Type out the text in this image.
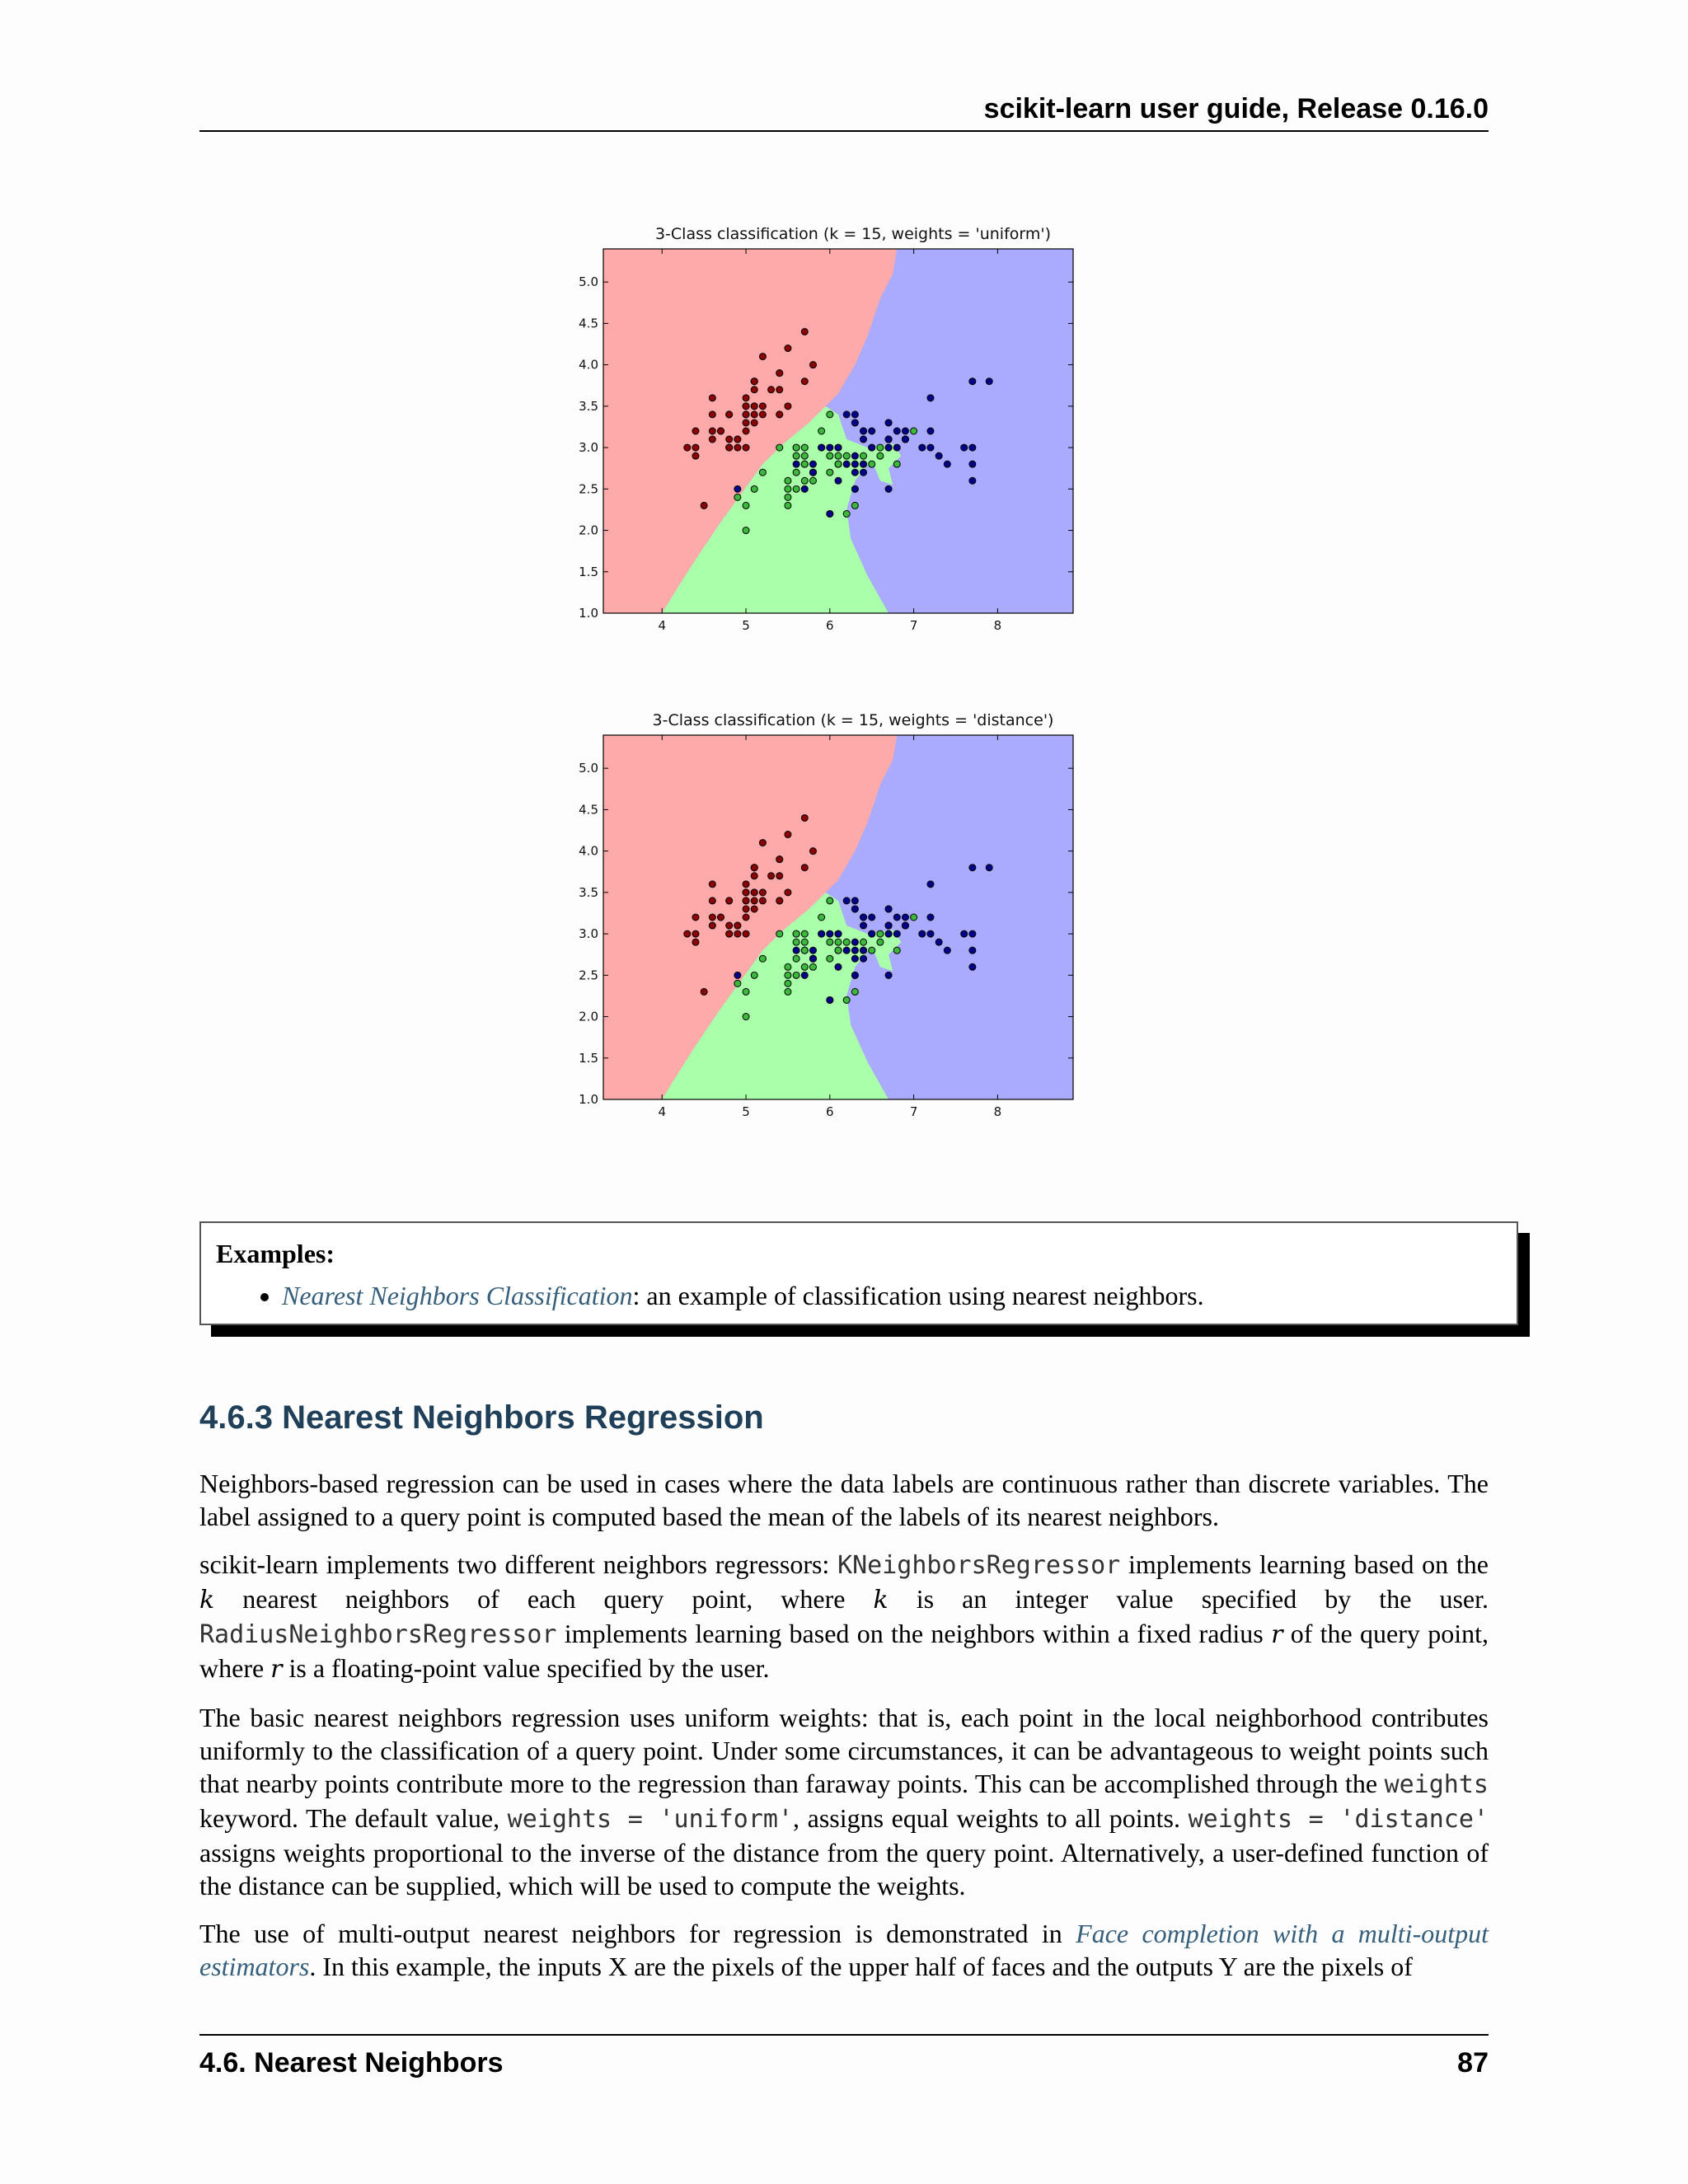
scikit-learn user guide, Release 0.16.0
3-Class classification (k = 15, weights = 'uniform')
4	5	6	7	8
1.0
1.5
2.0
2.5
3.0
3.5
4.0
4.5
5.0
3-Class classification (k = 15, weights = 'distance')
4	5	6	7	8
1.0
1.5
2.0
2.5
3.0
3.5
4.0
4.5
5.0
Examples:
• Nearest Neighbors Classification: an example of classification using nearest neighbors.
4.6.3 Nearest Neighbors Regression

Neighbors-based regression can be used in cases where the data labels are continuous rather than discrete variables. The label assigned to a query point is computed based the mean of the labels of its nearest neighbors.

scikit-learn implements two different neighbors regressors: KNeighborsRegressor implements learning based on the k nearest neighbors of each query point, where k is an integer value specified by the user. RadiusNeighborsRegressor implements learning based on the neighbors within a fixed radius r of the query point, where r is a floating-point value specified by the user.

The basic nearest neighbors regression uses uniform weights: that is, each point in the local neighborhood contributes uniformly to the classification of a query point. Under some circumstances, it can be advantageous to weight points such that nearby points contribute more to the regression than faraway points. This can be accomplished through the weights keyword. The default value, weights = 'uniform', assigns equal weights to all points. weights = 'distance' assigns weights proportional to the inverse of the distance from the query point. Alternatively, a user-defined function of the distance can be supplied, which will be used to compute the weights.

The use of multi-output nearest neighbors for regression is demonstrated in Face completion with a multi-output estimators. In this example, the inputs X are the pixels of the upper half of faces and the outputs Y are the pixels of

4.6. Nearest Neighbors	87
